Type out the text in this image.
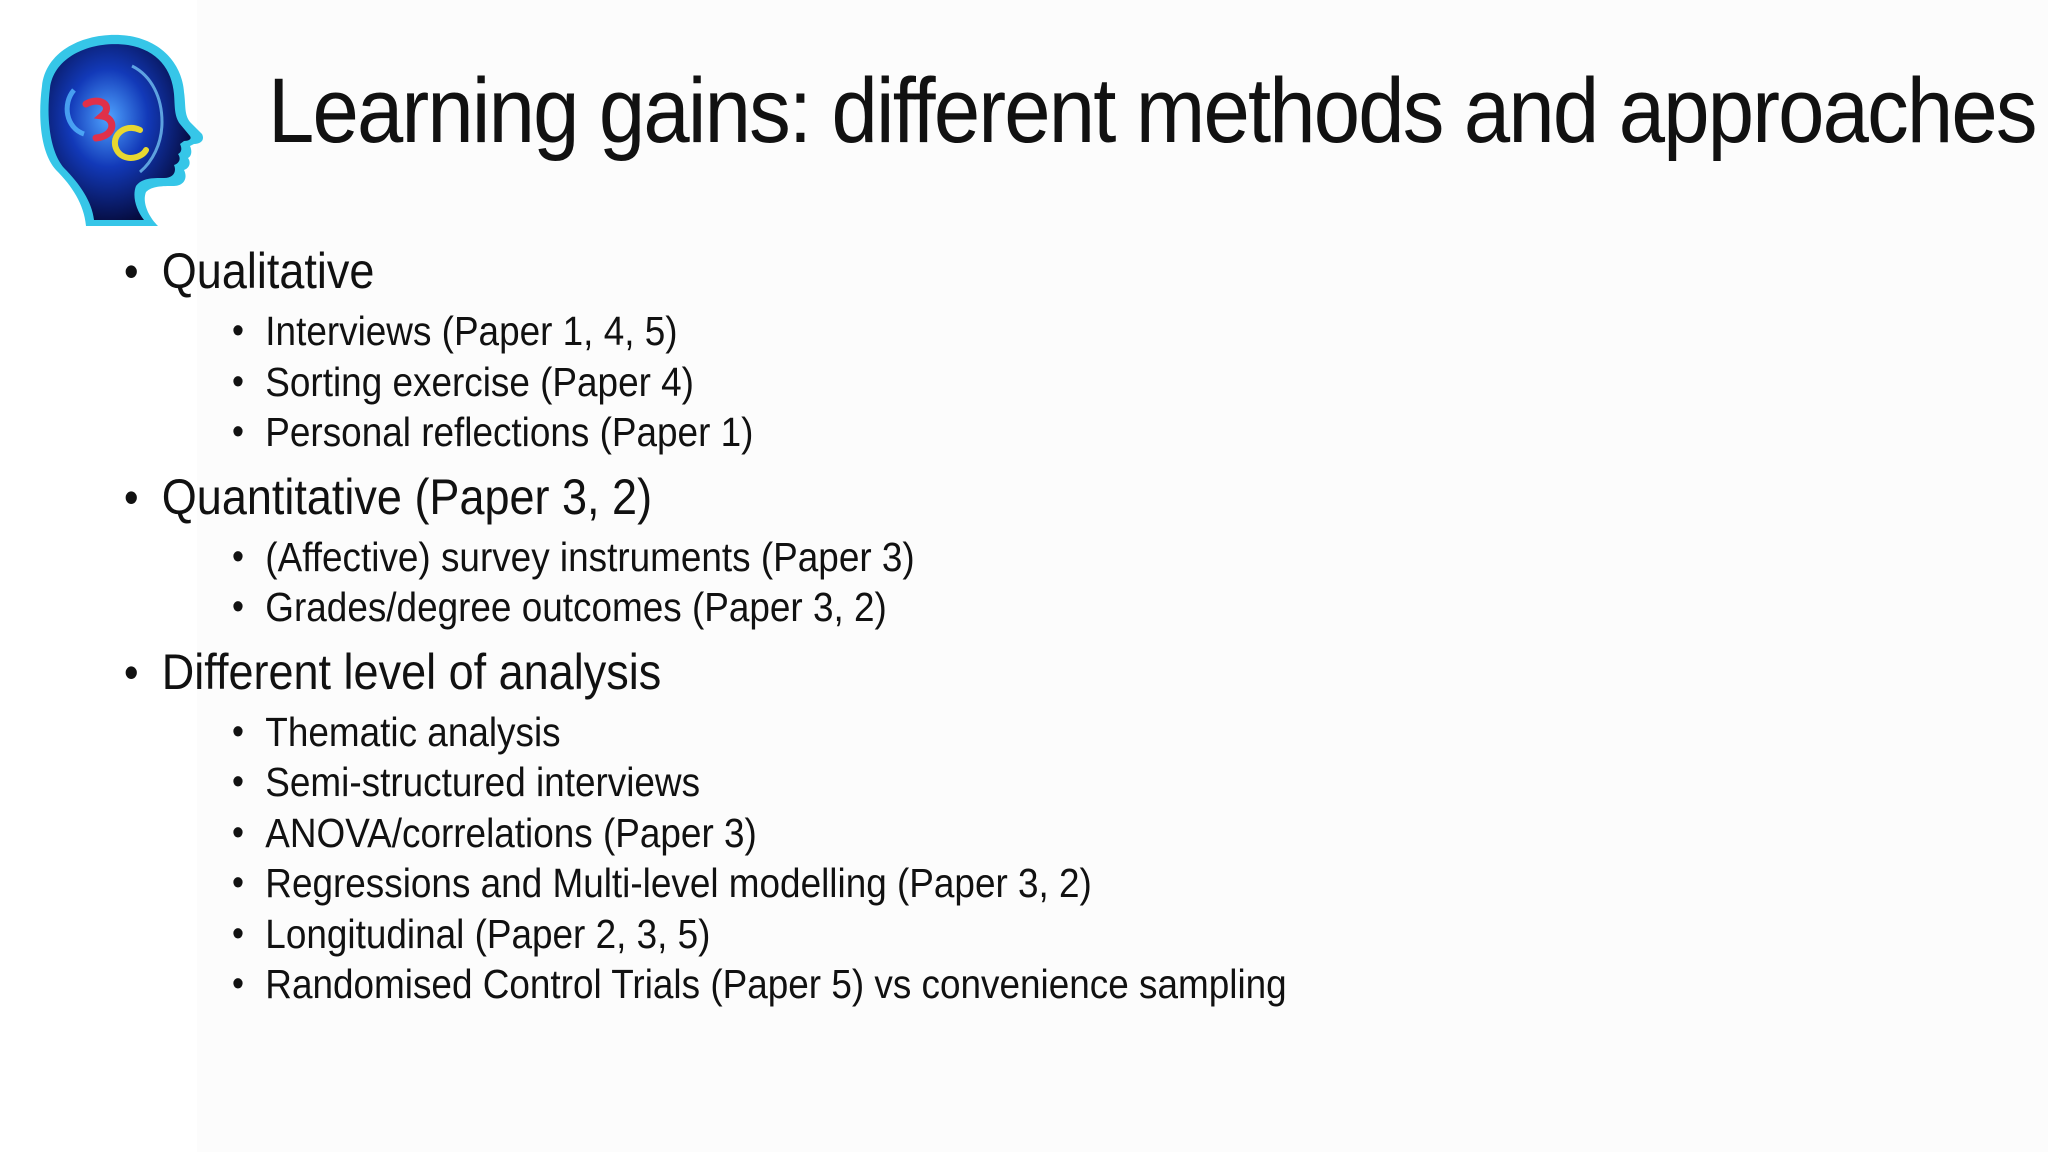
Learning gains: different methods and approaches
• Qualitative
• Interviews (Paper 1, 4, 5)
• Sorting exercise (Paper 4)
• Personal reflections (Paper 1)
• Quantitative (Paper 3, 2)
• (Affective) survey instruments (Paper 3)
• Grades/degree outcomes (Paper 3, 2)
• Different level of analysis
• Thematic analysis
• Semi-structured interviews
• ANOVA/correlations (Paper 3)
• Regressions and Multi-level modelling (Paper 3, 2)
• Longitudinal (Paper 2, 3, 5)
• Randomised Control Trials (Paper 5) vs convenience sampling
